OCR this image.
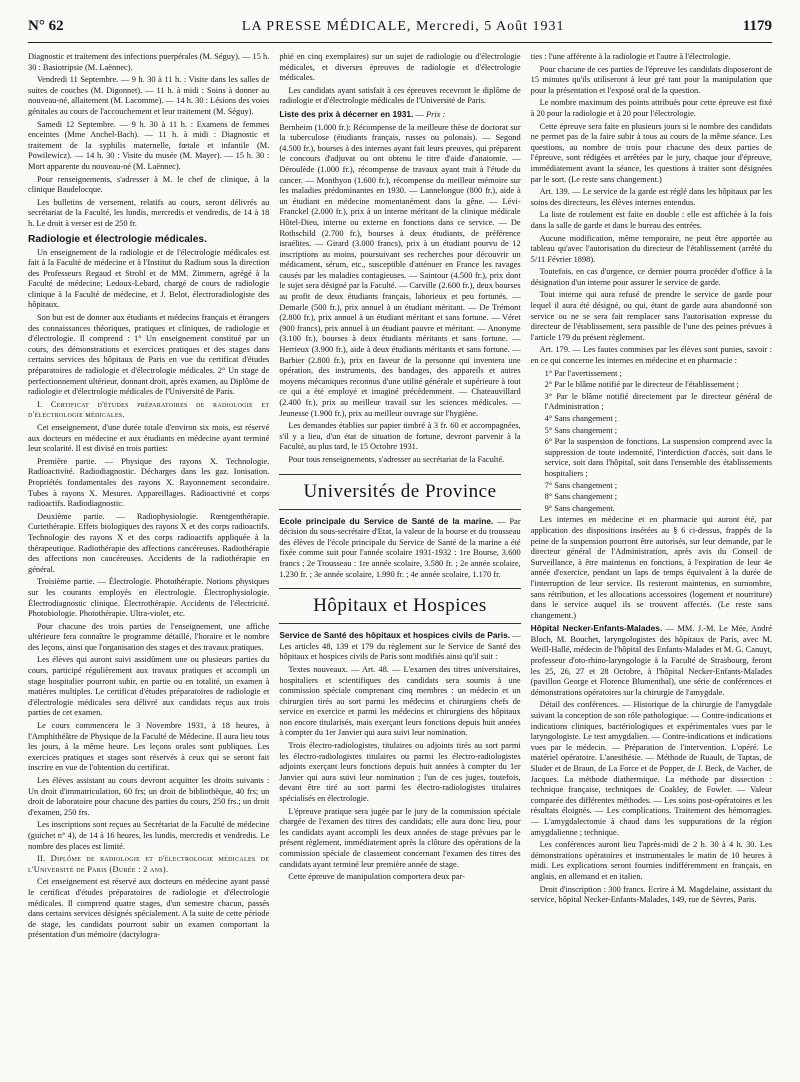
N° 62	LA PRESSE MÉDICALE, Mercredi, 5 Août 1931	1179

Diagnostic et traitement des infections puerpérales (M. Séguy). — 15 h. 30 : Basiotripsie (M. Laënnec).

Vendredi 11 Septembre. — 9 h. 30 à 11 h. : Visite dans les salles de suites de couches (M. Digonnet). — 11 h. à midi : Soins à donner au nouveau-né, allaitement (M. Lacomme). — 14 h. 30 : Lésions des voies génitales au cours de l'accouchement et leur traitement (M. Séguy).

Samedi 12 Septembre. — 9 h. 30 à 11 h. : Examens de femmes enceintes (Mme Anchel-Bach). — 11 h. à midi : Diagnostic et traitement de la syphilis maternelle, fœtale et infantile (M. Powilewicz). — 14 h. 30 : Visite du musée (M. Mayer). — 15 h. 30 : Mort apparente du nouveau-né (M. Laënnec).

Pour renseignements, s'adresser à M. le chef de clinique, à la clinique Baudelocque.

Les bulletins de versement, relatifs au cours, seront délivrés au secrétariat de la Faculté, les lundis, mercredis et vendredis, de 14 à 18 h. Le droit à verser est de 250 fr.

Radiologie et électrologie médicales.

Un enseignement de la radiologie et de l'électrologie médicales est fait à la Faculté de médecine et à l'Institut du Radium sous la direction des Professeurs Regaud et Strohl et de MM. Zimmern, agrégé à la Faculté de médecine; Ledoux-Lebard, chargé de cours de radiologie clinique à la Faculté de médecine, et J. Belot, électroradiologiste des hôpitaux.

Son but est de donner aux étudiants et médecins français et étrangers des connaissances théoriques, pratiques et cliniques, de radiologie et d'électrologie. Il comprend : 1° Un enseignement constitué par un cours, des démonstrations et exercices pratiques et des stages dans certains services des hôpitaux de Paris en vue du certificat d'études préparatoires de radiologie et d'électrologie médicales. 2° Un stage de perfectionnement ultérieur, donnant droit, après examen, au Diplôme de radiologie et d'électrologie médicales de l'Université de Paris.

I. Certificat d'études préparatoires de radiologie et d'électrologie médicales.

Cet enseignement, d'une durée totale d'environ six mois, est réservé aux docteurs en médecine et aux étudiants en médecine ayant terminé leur scolarité. Il est divisé en trois parties:

Première partie. — Physique des rayons X. Technologie. Radioactivité. Radiodiagnostic. Décharges dans les gaz. Ionisation. Propriétés fondamentales des rayons X. Rayonnement secondaire. Tubes à rayons X. Mesures. Appareillages. Radioactivité et corps radioactifs. Radiodiagnostic.

Deuxième partie. — Radiophysiologie. Rœntgenthérapie. Curiethérapie. Effets biologiques des rayons X et des corps radioactifs. Technologie des rayons X et des corps radioactifs appliquée à la thérapeutique. Radiothérapie des affections cancéreuses. Radiothérapie des affections non cancéreuses. Accidents de la radiothérapie en général.

Troisième partie. — Électrologie. Photothérapie. Notions physiques sur les courants employés en électrologie. Électrophysiologie. Électrodiagnostic clinique. Électrothérapie. Accidents de l'électricité. Photobiologie. Photothérapie. Ultra-violet, etc.

Pour chacune des trois parties de l'enseignement, une affiche ultérieure fera connaître le programme détaillé, l'horaire et le nombre des leçons, ainsi que l'organisation des stages et des travaux pratiques.

Les élèves qui auront suivi assidûment une ou plusieurs parties du cours, participé régulièrement aux travaux pratiques et accompli un stage hospitalier pourront subir, en partie ou en totalité, un examen à matières multiples. Le certificat d'études préparatoires de radiologie et d'électrologie médicales sera délivré aux candidats reçus aux trois parties de cet examen.

Le cours commencera le 3 Novembre 1931, à 18 heures, à l'Amphithéâtre de Physique de la Faculté de Médecine. Il aura lieu tous les jours, à la même heure. Les leçons orales sont publiques. Les exercices pratiques et stages sont réservés à ceux qui se seront fait inscrire en vue de l'obtention du certificat.

Les élèves assistant au cours devront acquitter les droits suivants : Un droit d'immatriculation, 60 frs; un droit de bibliothèque, 40 frs; un droit de laboratoire pour chacune des parties du cours, 250 frs.; un droit d'examen, 250 frs.

Les inscriptions sont reçues au Secrétariat de la Faculté de médecine (guichet n° 4), de 14 à 16 heures, les lundis, mercredis et vendredis. Le nombre des places est limité.

II. Diplôme de radiologie et d'électrologie médicales de l'Université de Paris (Durée : 2 ans).

Cet enseignement est réservé aux docteurs en médecine ayant passé le certificat d'études préparatoires de radiologie et d'électrologie médicales. Il comprend quatre stages, d'un semestre chacun, passés dans certains services désignés spécialement. A la suite de cette période de stage, les candidats pourront subir un examen comportant la présentation d'un mémoire (dactylogra-

phié en cinq exemplaires) sur un sujet de radiologie ou d'électrologie médicales, et diverses épreuves de radiologie et d'électrologie médicales.

Les candidats ayant satisfait à ces épreuves recevront le diplôme de radiologie et d'électrologie médicales de l'Université de Paris.

Liste des prix à décerner en 1931. — Prix :

Bernheim (1.000 fr.): Récompense de la meilleure thèse de doctorat sur la tuberculose (étudiants français, russes ou polonais). — Segond (4.500 fr.), bourses à des internes ayant fait leurs preuves, qui préparent le concours d'adjuvat ou ont obtenu le titre d'aide d'anatomie. — Déroulède (1.000 fr.), récompense de travaux ayant trait à l'étude du cancer. — Monthyon (1.600 fr.), récompense du meilleur mémoire sur les maladies prédominantes en 1930. — Lannelongue (800 fr.), aide à un étudiant en médecine momentanément dans la gêne. — Lévi-Franckel (2.000 fr.), prix à un interne méritant de la clinique médicale Hôtel-Dieu, interne ou externe en fonctions dans ce service. — De Rothschild (2.700 fr.), bourses à deux étudiants, de préférence israélites. — Girard (3.000 francs), prix à un étudiant pourvu de 12 inscriptions au moins, poursuivant ses recherches pour découvrir un médicament, sérum, etc., susceptible d'atténuer en France les ravages causés par les maladies contagieuses. — Saintour (4.500 fr.), prix dont le sujet sera désigné par la Faculté. — Carville (2.600 fr.), deux bourses au profit de deux étudiants français, laborieux et peu fortunés. — Demarle (500 fr.), prix annuel à un étudiant méritant. — De Trémont (2.800 fr.), prix annuel à un étudiant méritant et sans fortune. — Véret (900 francs), prix annuel à un étudiant pauvre et méritant. — Anonyme (3.100 fr.), bourses à deux étudiants méritants et sans fortune. — Herrieux (3.900 fr.), aide à deux étudiants méritants et sans fortune. — Barbier (2.800 fr.), prix en faveur de la personne qui inventera une opération, des instruments, des bandages, des appareils et autres moyens mécaniques reconnus d'une utilité générale et supérieure à tout ce qui a été employé et imaginé précédemment. — Chateauvillard (2.400 fr.), prix au meilleur travail sur les sciences médicales. — Jeunesse (1.900 fr.), prix au meilleur ouvrage sur l'hygiène.

Les demandes établies sur papier timbré à 3 fr. 60 et accompagnées, s'il y a lieu, d'un état de situation de fortune, devront parvenir à la Faculté, au plus tard, le 15 Octobre 1931.

Pour tous renseignements, s'adresser au secrétariat de la Faculté.

Universités de Province

Ecole principale du Service de Santé de la marine. — Par décision du sous-secrétaire d'Etat, la valeur de la bourse et du trousseau des élèves de l'école principale du Service de Santé de la marine a été fixée comme suit pour l'année scolaire 1931-1932 : 1re Bourse, 3.600 francs ; 2e Trousseau : 1re année scolaire, 3.580 fr. ; 2e année scolaire, 1.230 fr. ; 3e année scolaire, 1.990 fr. ; 4e année scolaire, 1.170 fr.

Hôpitaux et Hospices

Service de Santé des hôpitaux et hospices civils de Paris. — Les articles 48, 139 et 179 du règlement sur le Service de Santé des hôpitaux et hospices civils de Paris sont modifiés ainsi qu'il suit :

Textes nouveaux. — Art. 48. — L'examen des titres universitaires, hospitaliers et scientifiques des candidats sera soumis à une commission spéciale comprenant cinq membres : un médecin et un chirurgien tirés au sort parmi les médecins et chirurgiens chefs de service en exercice et parmi les médecins et chirurgiens des hôpitaux non encore titularisés, mais exerçant leurs fonctions depuis huit années à compter du 1er Janvier qui aura suivi leur nomination.

Trois électro-radiologistes, titulaires ou adjoints tirés au sort parmi les électro-radiologistes titulaires ou parmi les électro-radiologistes adjoints exerçant leurs fonctions depuis huit années à compter du 1er Janvier qui aura suivi leur nomination ; l'un de ces juges, toutefois, devant être tiré au sort parmi les électro-radiologistes titulaires spécialisés en électrologie.

L'épreuve pratique sera jugée par le jury de la commission spéciale chargée de l'examen des titres des candidats; elle aura donc lieu, pour les candidats ayant accompli les deux années de stage prévues par le présent règlement, immédiatement après la clôture des opérations de la commission spéciale de classement concernant l'examen des titres des candidats ayant terminé leur première année de stage.

Cette épreuve de manipulation comportera deux par-

ties : l'une afférente à la radiologie et l'autre à l'électrologie.

Pour chacune de ces parties de l'épreuve les candidats disposeront de 15 minutes qu'ils utiliseront à leur gré tant pour la manipulation que pour la présentation et l'exposé oral de la question.

Le nombre maximum des points attribués pour cette épreuve est fixé à 20 pour la radiologie et à 20 pour l'électrologie.

Cette épreuve sera faite en plusieurs jours si le nombre des candidats ne permet pas de la faire subir à tous au cours de la même séance. Les questions, au nombre de trois pour chacune des deux parties de l'épreuve, sont rédigées et arrêtées par le jury, chaque jour d'épreuve, immédiatement avant la séance, les questions à traiter sont désignées par le sort. (Le reste sans changement.)

Art. 139. — Le service de la garde est réglé dans les hôpitaux par les soins des directeurs, les élèves internes entendus.

La liste de roulement est faite en double : elle est affichée à la fois dans la salle de garde et dans le bureau des entrées.

Aucune modification, même temporaire, ne peut être apportée au tableau qu'avec l'autorisation du directeur de l'établissement (arrêté du 5/11 Février 1898).

Toutefois, en cas d'urgence, ce dernier pourra procéder d'office à la désignation d'un interne pour assurer le service de garde.

Tout interne qui aura refusé de prendre le service de garde pour lequel il aura été désigné, ou qui, étant de garde aura abandonné son service ou ne se sera fait remplacer sans l'autorisation expresse du directeur de l'établissement, sera passible de l'une des peines prévues à l'article 179 du présent règlement.

Art. 179. — Les fautes commises par les élèves sont punies, savoir : en ce qui concerne les internes en médecine et en pharmacie :

1° Par l'avertissement ;

2° Par le blâme notifié par le directeur de l'établissement ;

3° Par le blâme notifié directement par le directeur général de l'Administration ;

4° Sans changement ;

5° Sans changement ;

6° Par la suspension de fonctions. La suspension comprend avec la suppression de toute indemnité, l'interdiction d'accès, soit dans le service, soit dans l'hôpital, soit dans l'ensemble des établissements hospitaliers ;

7° Sans changement ;

8° Sans changement ;

9° Sans changement.

Les internes en médecine et en pharmacie qui auront été, par application des dispositions insérées au § 6 ci-dessus, frappés de la peine de la suspension pourront être autorisés, sur leur demande, par le directeur général de l'Administration, après avis du Conseil de Surveillance, à être maintenus en fonctions, à l'expiration de leur 4e année d'exercice, pendant un laps de temps équivalent à la durée de l'interruption de leur service. Ils resteront maintenus, en surnombre, sans rétribution, et les allocations accessoires (logement et nourriture) dans le service auquel ils se trouvent affectés. (Le reste sans changement.)

Hôpital Necker-Enfants-Malades. — MM. J.-M. Le Mée, André Bloch, M. Bouchet, laryngologistes des hôpitaux de Paris, avec M. Weill-Hallé, médecin de l'hôpital des Enfants-Malades et M. G. Canuyt, professeur d'oto-rhino-laryngologie à la Faculté de Strasbourg, feront les 25, 26, 27 et 28 Octobre, à l'hôpital Necker-Enfants-Malades (pavillon George et Florence Blumenthal), une série de conférences et démonstrations opératoires sur la chirurgie de l'amygdale.

Détail des conférences. — Historique de la chirurgie de l'amygdale suivant la conception de son rôle pathologique. — Contre-indications et indications cliniques, bactériologiques et expérimentales vues par le laryngologiste. Le test amygdalien. — Contre-indications et indications vues par le médecin. — Préparation de l'intervention. L'opéré. Le matériel opératoire. L'anesthésie. — Méthode de Ruault, de Taptas, de Sluder et de Braun, de La Force et de Popper, de J. Beck, de Vacher, de Jacques. La méthode diathermique. La méthode par dissection : technique française, techniques de Coakley, de Fowler. — Valeur comparée des différentes méthodes. — Les soins post-opératoires et les résultats éloignés. — Les complications. Traitement des hémorragies. — L'amygdalectomie à chaud dans les suppurations de la région amygdalienne ; technique.

Les conférences auront lieu l'après-midi de 2 h. 30 à 4 h. 30. Les démonstrations opératoires et instrumentales le matin de 10 heures à midi. Les explications seront fournies indifféremment en français, en anglais, en allemand et en italien.

Droit d'inscription : 300 francs. Ecrire à M. Magdelaine, assistant du service, hôpital Necker-Enfants-Malades, 149, rue de Sèvres, Paris.
